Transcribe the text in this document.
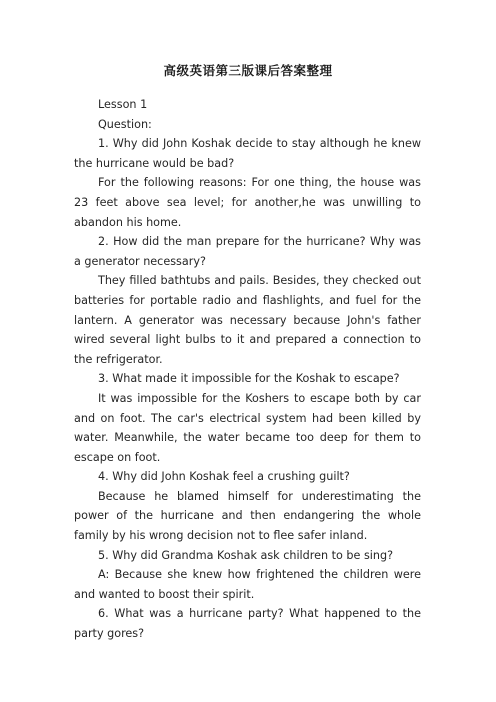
高级英语第三版课后答案整理

Lesson 1

Question:

1. Why did John Koshak decide to stay although he knew the hurricane would be bad?

For the following reasons: For one thing, the house was 23 feet above sea level; for another,he was unwilling to abandon his home.

2. How did the man prepare for the hurricane? Why was a generator necessary?

They filled bathtubs and pails. Besides, they checked out batteries for portable radio and flashlights, and fuel for the lantern. A generator was necessary because John's father wired several light bulbs to it and prepared a connection to the refrigerator.

3. What made it impossible for the Koshak to escape?

It was impossible for the Koshers to escape both by car and on foot. The car's electrical system had been killed by water. Meanwhile, the water became too deep for them to escape on foot.

4. Why did John Koshak feel a crushing guilt?

Because he blamed himself for underestimating the power of the hurricane and then endangering the whole family by his wrong decision not to flee safer inland.

5. Why did Grandma Koshak ask children to be sing?

A: Because she knew how frightened the children were and wanted to boost their spirit.

6. What was a hurricane party? What happened to the party gores?
